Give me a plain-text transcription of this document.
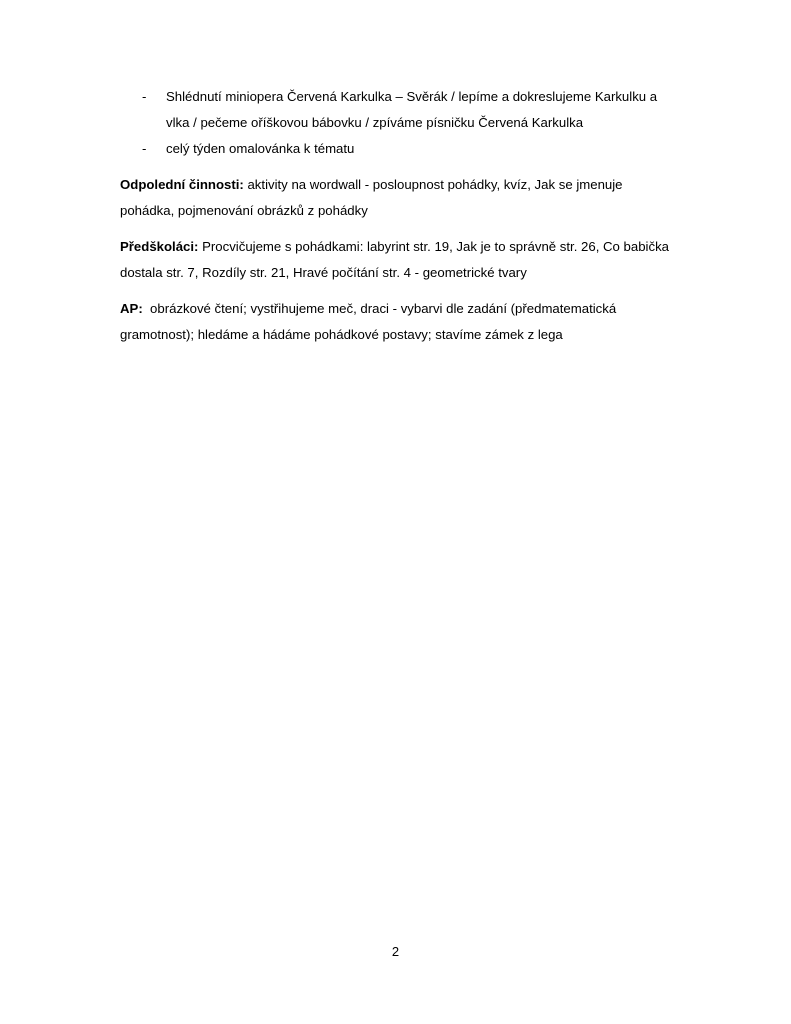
-	Shlédnutí miniopera Červená Karkulka – Svěrák / lepíme a dokreslujeme Karkulku a vlka / pečeme oříškovou bábovku / zpíváme písničku Červená Karkulka
-	celý týden omalovánka k tématu

Odpolední činnosti: aktivity na wordwall - posloupnost pohádky, kvíz, Jak se jmenuje pohádka, pojmenování obrázků z pohádky

Předškoláci: Procvičujeme s pohádkami: labyrint str. 19, Jak je to správně str. 26, Co babička dostala str. 7, Rozdíly str. 21, Hravé počítání str. 4 - geometrické tvary

AP:  obrázkové čtení; vystřihujeme meč, draci - vybarvi dle zadání (předmatematická gramotnost); hledáme a hádáme pohádkové postavy; stavíme zámek z lega

2
